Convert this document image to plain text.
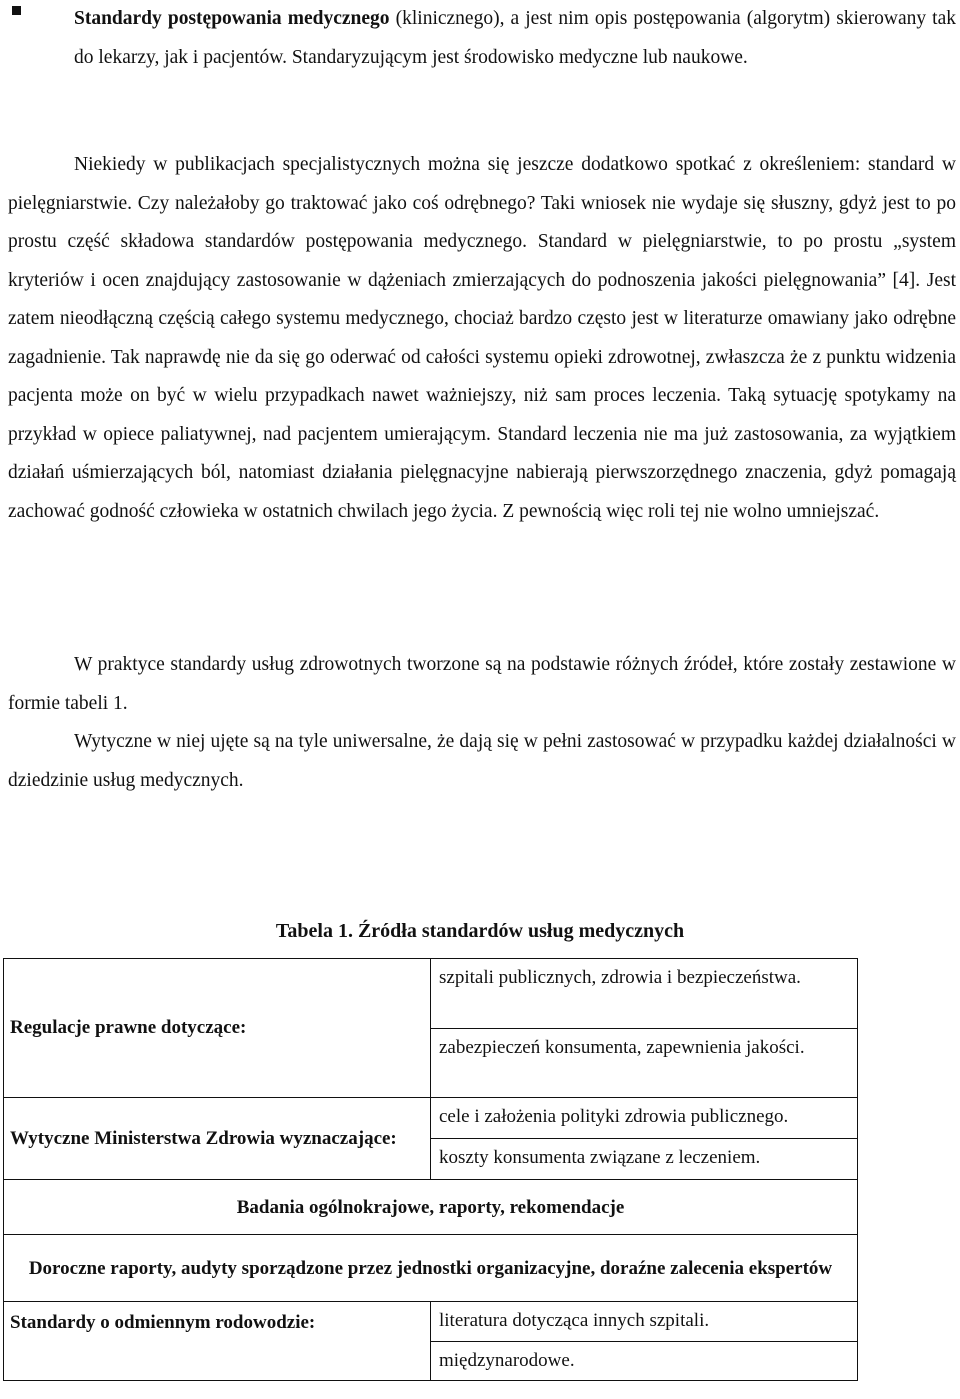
Standardy postępowania medycznego (klinicznego), a jest nim opis postępowania (algorytm) skierowany tak do lekarzy, jak i pacjentów. Standaryzującym jest środowisko medyczne lub naukowe.
Niekiedy w publikacjach specjalistycznych można się jeszcze dodatkowo spotkać z określeniem: standard w pielęgniarstwie. Czy należałoby go traktować jako coś odrębnego? Taki wniosek nie wydaje się słuszny, gdyż jest to po prostu część składowa standardów postępowania medycznego. Standard w pielęgniarstwie, to po prostu „system kryteriów i ocen znajdujący zastosowanie w dążeniach zmierzających do podnoszenia jakości pielęgnowania” [4]. Jest zatem nieodłączną częścią całego systemu medycznego, chociaż bardzo często jest w literaturze omawiany jako odrębne zagadnienie. Tak naprawdę nie da się go oderwać od całości systemu opieki zdrowotnej, zwłaszcza że z punktu widzenia pacjenta może on być w wielu przypadkach nawet ważniejszy, niż sam proces leczenia. Taką sytuację spotykamy na przykład w opiece paliatywnej, nad pacjentem umierającym. Standard leczenia nie ma już zastosowania, za wyjątkiem działań uśmierzających ból, natomiast działania pielęgnacyjne nabierają pierwszorzędnego znaczenia, gdyż pomagają zachować godność człowieka w ostatnich chwilach jego życia. Z pewnością więc roli tej nie wolno umniejszać.
W praktyce standardy usług zdrowotnych tworzone są na podstawie różnych źródeł, które zostały zestawione w formie tabeli 1.
Wytyczne w niej ujęte są na tyle uniwersalne, że dają się w pełni zastosować w przypadku każdej działalności w dziedzinie usług medycznych.
Tabela 1. Źródła standardów usług medycznych
Regulacje prawne dotyczące:	szpitali publicznych, zdrowia i bezpieczeństwa.
	zabezpieczeń konsumenta, zapewnienia jakości.
Wytyczne Ministerstwa Zdrowia wyznaczające:	cele i założenia polityki zdrowia publicznego.
	koszty konsumenta związane z leczeniem.
Badania ogólnokrajowe, raporty, rekomendacje	
Doroczne raporty, audyty sporządzone przez jednostki organizacyjne, doraźne zalecenia ekspertów	
Standardy o odmiennym rodowodzie:	literatura dotycząca innych szpitali.
	międzynarodowe.
